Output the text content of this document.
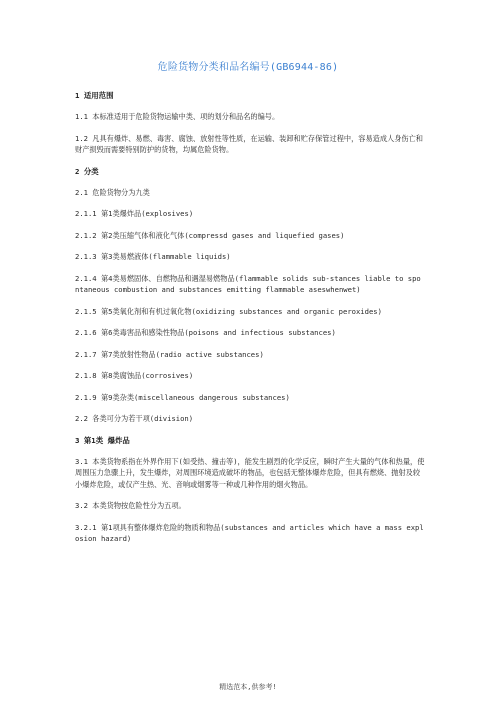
危险货物分类和品名编号(GB6944-86)
1 适用范围
1.1 本标准适用于危险货物运输中类、项的划分和品名的编号。
1.2 凡具有爆炸、易燃、毒害、腐蚀、放射性等性质，在运输、装卸和贮存保管过程中，容易造成人身伤亡和财产损毁而需要特别防护的货物，均属危险货物。
2 分类
2.1 危险货物分为九类
2.1.1 第1类爆炸品(explosives)
2.1.2 第2类压缩气体和液化气体(compressd gases and liquefied gases)
2.1.3 第3类易燃液体(flammable liquids)
2.1.4 第4类易燃固体、自燃物品和遇湿易燃物品(flammable solids sub-stances liable to spontaneous combustion and substances emitting flammable aseswhenwet)
2.1.5 第5类氧化剂和有机过氧化物(oxidizing substances and organic peroxides)
2.1.6 第6类毒害品和感染性物品(poisons and infectious substances)
2.1.7 第7类放射性物品(radio active substances)
2.1.8 第8类腐蚀品(corrosives)
2.1.9 第9类杂类(miscellaneous dangerous substances)
2.2 各类可分为若干项(division)
3 第1类 爆炸品
3.1 本类货物系指在外界作用下(如受热、撞击等)，能发生剧烈的化学反应，瞬时产生大量的气体和热量，使周围压力急骤上升，发生爆炸，对周围环境造成破坏的物品，也包括无整体爆炸危险，但具有燃烧、抛射及较小爆炸危险，或仅产生热、光、音响或烟雾等一种或几种作用的烟火物品。
3.2 本类货物按危险性分为五项。
3.2.1 第1项具有整体爆炸危险的物质和物品(substances and articles which have a mass explosion hazard)
精选范本,供参考!
